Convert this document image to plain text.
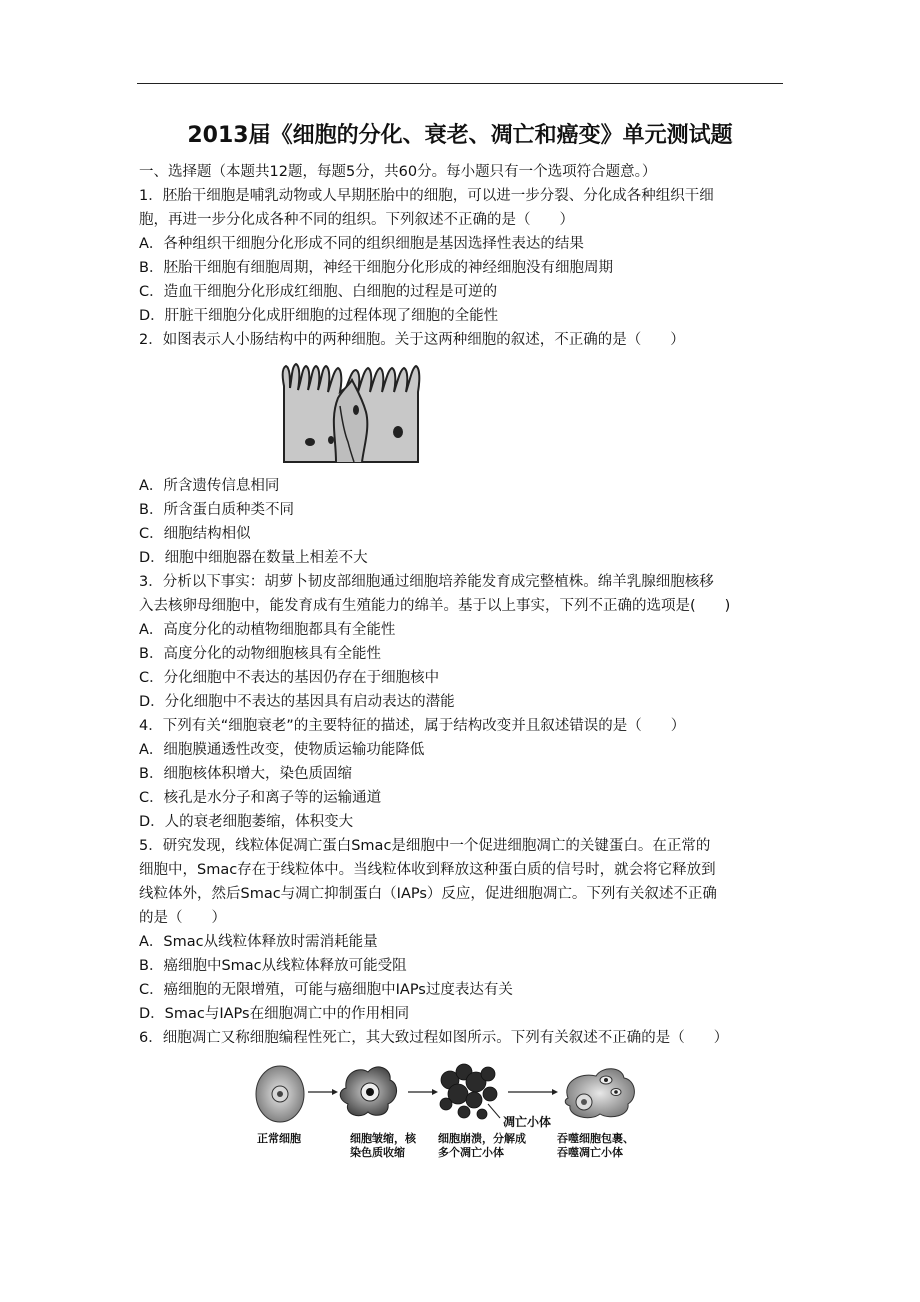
2013届《细胞的分化、衰老、凋亡和癌变》单元测试题
一、选择题（本题共12题，每题5分，共60分。每小题只有一个选项符合题意。）
1．胚胎干细胞是哺乳动物或人早期胚胎中的细胞，可以进一步分裂、分化成各种组织干细
胞，再进一步分化成各种不同的组织。下列叙述不正确的是（　　）
A．各种组织干细胞分化形成不同的组织细胞是基因选择性表达的结果
B．胚胎干细胞有细胞周期，神经干细胞分化形成的神经细胞没有细胞周期
C．造血干细胞分化形成红细胞、白细胞的过程是可逆的
D．肝脏干细胞分化成肝细胞的过程体现了细胞的全能性
2．如图表示人小肠结构中的两种细胞。关于这两种细胞的叙述，不正确的是（　　）
A．所含遗传信息相同
B．所含蛋白质种类不同
C．细胞结构相似
D．细胞中细胞器在数量上相差不大
3．分析以下事实：胡萝卜韧皮部细胞通过细胞培养能发育成完整植株。绵羊乳腺细胞核移
入去核卵母细胞中，能发育成有生殖能力的绵羊。基于以上事实，下列不正确的选项是(　　)
A．高度分化的动植物细胞都具有全能性
B．高度分化的动物细胞核具有全能性
C．分化细胞中不表达的基因仍存在于细胞核中
D．分化细胞中不表达的基因具有启动表达的潜能
4．下列有关“细胞衰老”的主要特征的描述，属于结构改变并且叙述错误的是（　　）
A．细胞膜通透性改变，使物质运输功能降低
B．细胞核体积增大，染色质固缩
C．核孔是水分子和离子等的运输通道
D．人的衰老细胞萎缩，体积变大
5．研究发现，线粒体促凋亡蛋白Smac是细胞中一个促进细胞凋亡的关键蛋白。在正常的
细胞中，Smac存在于线粒体中。当线粒体收到释放这种蛋白质的信号时，就会将它释放到
线粒体外，然后Smac与凋亡抑制蛋白（IAPs）反应，促进细胞凋亡。下列有关叙述不正确
的是（　　）
A．Smac从线粒体释放时需消耗能量
B．癌细胞中Smac从线粒体释放可能受阻
C．癌细胞的无限增殖，可能与癌细胞中IAPs过度表达有关
D．Smac与IAPs在细胞凋亡中的作用相同
6．细胞凋亡又称细胞编程性死亡，其大致过程如图所示。下列有关叙述不正确的是（　　）
正常细胞	细胞皱缩，核
染色质收缩
细胞崩溃，分解成
多个凋亡小体
吞噬细胞包裹、
吞噬凋亡小体
凋亡小体
